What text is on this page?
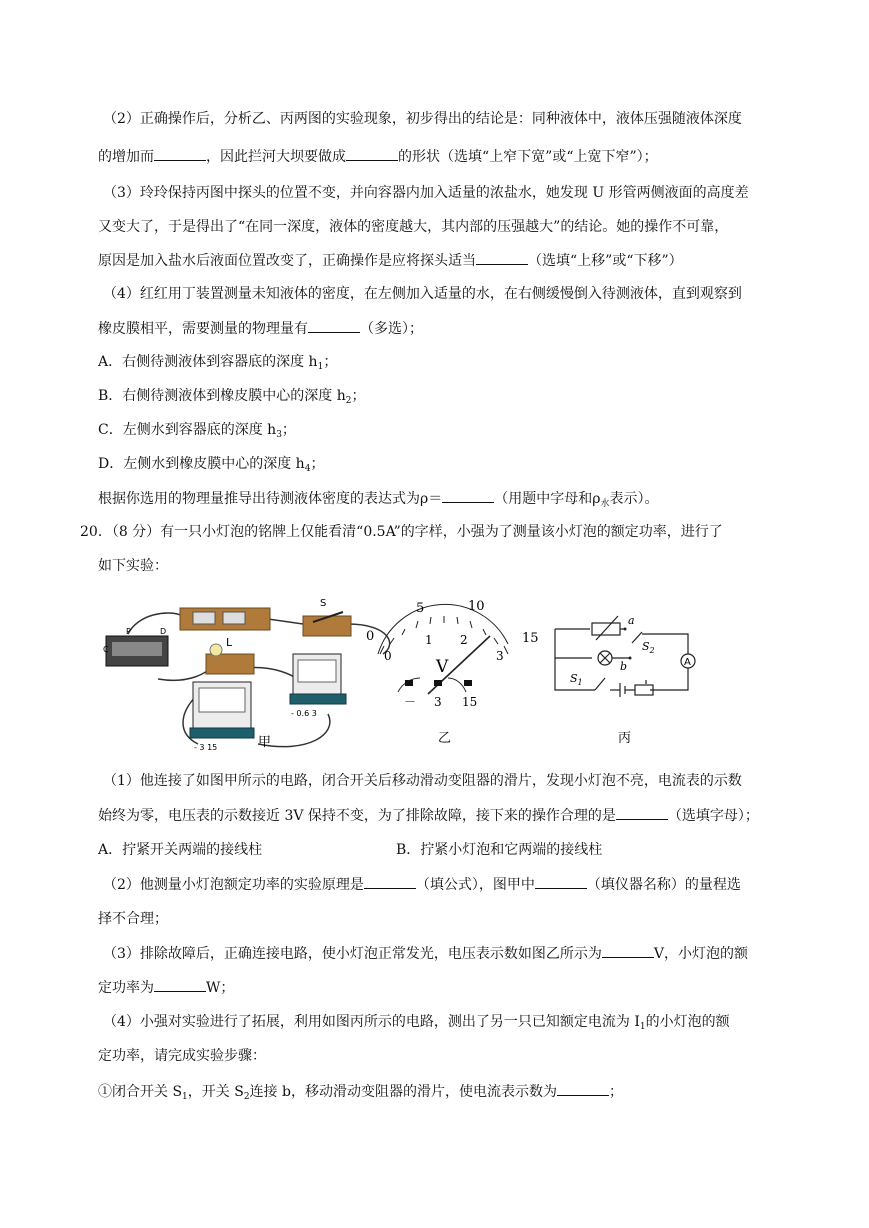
（2）正确操作后，分析乙、丙两图的实验现象，初步得出的结论是：同种液体中，液体压强随液体深度
的增加而	，因此拦河大坝要做成	的形状（选填“上窄下宽”或“上宽下窄”）；
（3）玲玲保持丙图中探头的位置不变，并向容器内加入适量的浓盐水，她发现 U 形管两侧液面的高度差
又变大了，于是得出了“在同一深度，液体的密度越大，其内部的压强越大”的结论。她的操作不可靠，
原因是加入盐水后液面位置改变了，正确操作是应将探头适当	（选填“上移”或“下移”）
（4）红红用丁装置测量未知液体的密度，在左侧加入适量的水，在右侧缓慢倒入待测液体，直到观察到
橡皮膜相平，需要测量的物理量有	（多选）；
A．右侧待测液体到容器底的深度 $h_1$；
B．右侧待测液体到橡皮膜中心的深度 $h_2$；
C．左侧水到容器底的深度 $h_3$；
D．左侧水到橡皮膜中心的深度 $h_4$；
根据你选用的物理量推导出待测液体密度的表达式为ρ＝	（用题中字母和$\rho_水$表示）。
20．（8 分）有一只小灯泡的铭牌上仅能看清“0.5A”的字样，小强为了测量该小灯泡的额定功率，进行了
如下实验：
S
C
P	D
L
- 0.6 3
- 3 15	甲
0
5	10
15
0
1 2
3
V
－ 3 15
乙
a
b
$S_2$
A
$S_1$
丙
（1）他连接了如图甲所示的电路，闭合开关后移动滑动变阻器的滑片，发现小灯泡不亮，电流表的示数
始终为零，电压表的示数接近 3V 保持不变，为了排除故障，接下来的操作合理的是	（选填字母）；
A．拧紧开关两端的接线柱	B．拧紧小灯泡和它两端的接线柱
（2）他测量小灯泡额定功率的实验原理是	（填公式），图甲中	（填仪器名称）的量程选
择不合理；
（3）排除故障后，正确连接电路，使小灯泡正常发光，电压表示数如图乙所示为	V，小灯泡的额
定功率为	W；
（4）小强对实验进行了拓展，利用如图丙所示的电路，测出了另一只已知额定电流为 $I_1$的小灯泡的额
定功率，请完成实验步骤：
①闭合开关 $S_1$，开关 $S_2$连接 b，移动滑动变阻器的滑片，使电流表示数为	；
